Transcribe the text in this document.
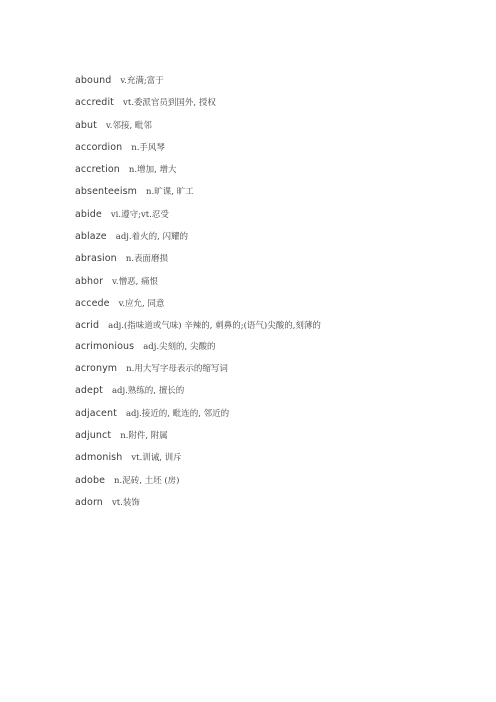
abound v.充满;富于
accredit vt.委派官员到国外, 授权
abut v.邻接, 毗邻
accordion n.手风琴
accretion n.增加, 增大
absenteeism n.旷课, 旷工
abide vi.遵守;vt.忍受
ablaze adj.着火的, 闪耀的
abrasion n.表面磨损
abhor v.憎恶, 痛恨
accede v.应允, 同意
acrid adj.(指味道或气味) 辛辣的, 刺鼻的;(语气)尖酸的,刻薄的
acrimonious adj.尖刻的, 尖酸的
acronym n.用大写字母表示的缩写词
adept adj.熟练的, 擅长的
adjacent adj.接近的, 毗连的, 邻近的
adjunct n.附件, 附属
admonish vt.训诫, 训斥
adobe n.泥砖, 土坯 (房)
adorn vt.装饰
